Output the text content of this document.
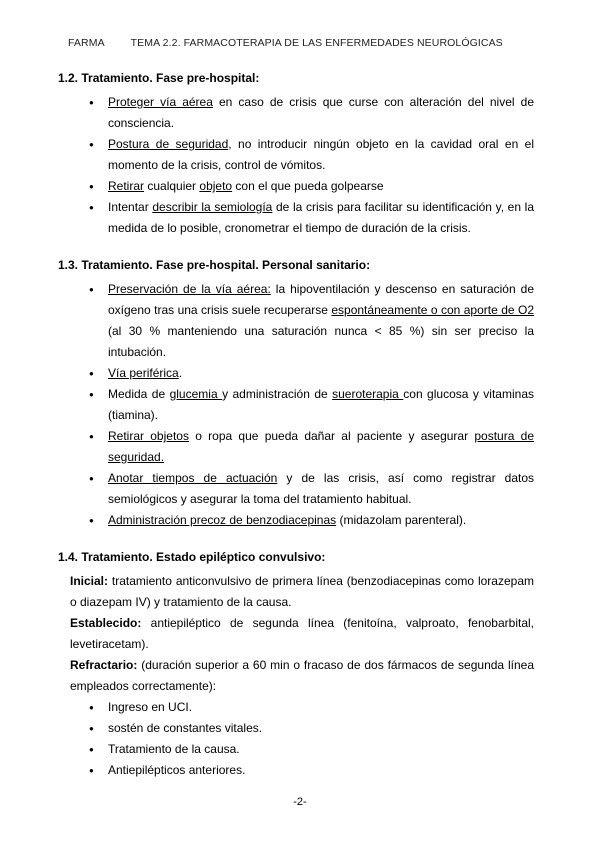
FARMA TEMA 2.2. FARMACOTERAPIA DE LAS ENFERMEDADES NEUROLÓGICAS
1.2. Tratamiento. Fase pre-hospital:
● Proteger vía aérea en caso de crisis que curse con alteración del nivel de consciencia.
● Postura de seguridad, no introducir ningún objeto en la cavidad oral en el momento de la crisis, control de vómitos.
● Retirar cualquier objeto con el que pueda golpearse
● Intentar describir la semiología de la crisis para facilitar su identificación y, en la medida de lo posible, cronometrar el tiempo de duración de la crisis.
1.3. Tratamiento. Fase pre-hospital. Personal sanitario:
● Preservación de la vía aérea: la hipoventilación y descenso en saturación de oxígeno tras una crisis suele recuperarse espontáneamente o con aporte de O2 (al 30 % manteniendo una saturación nunca < 85 %) sin ser preciso la intubación.
● Vía periférica.
● Medida de glucemia y administración de sueroterapia con glucosa y vitaminas (tiamina).
● Retirar objetos o ropa que pueda dañar al paciente y asegurar postura de seguridad.
● Anotar tiempos de actuación y de las crisis, así como registrar datos semiológicos y asegurar la toma del tratamiento habitual.
● Administración precoz de benzodiacepinas (midazolam parenteral).
1.4. Tratamiento. Estado epiléptico convulsivo:
Inicial: tratamiento anticonvulsivo de primera línea (benzodiacepinas como lorazepam o diazepam IV) y tratamiento de la causa.
Establecido: antiepiléptico de segunda línea (fenitoína, valproato, fenobarbital, levetiracetam).
Refractario: (duración superior a 60 min o fracaso de dos fármacos de segunda línea empleados correctamente):
● Ingreso en UCI.
● sostén de constantes vitales.
● Tratamiento de la causa.
● Antiepilépticos anteriores.
-2-
